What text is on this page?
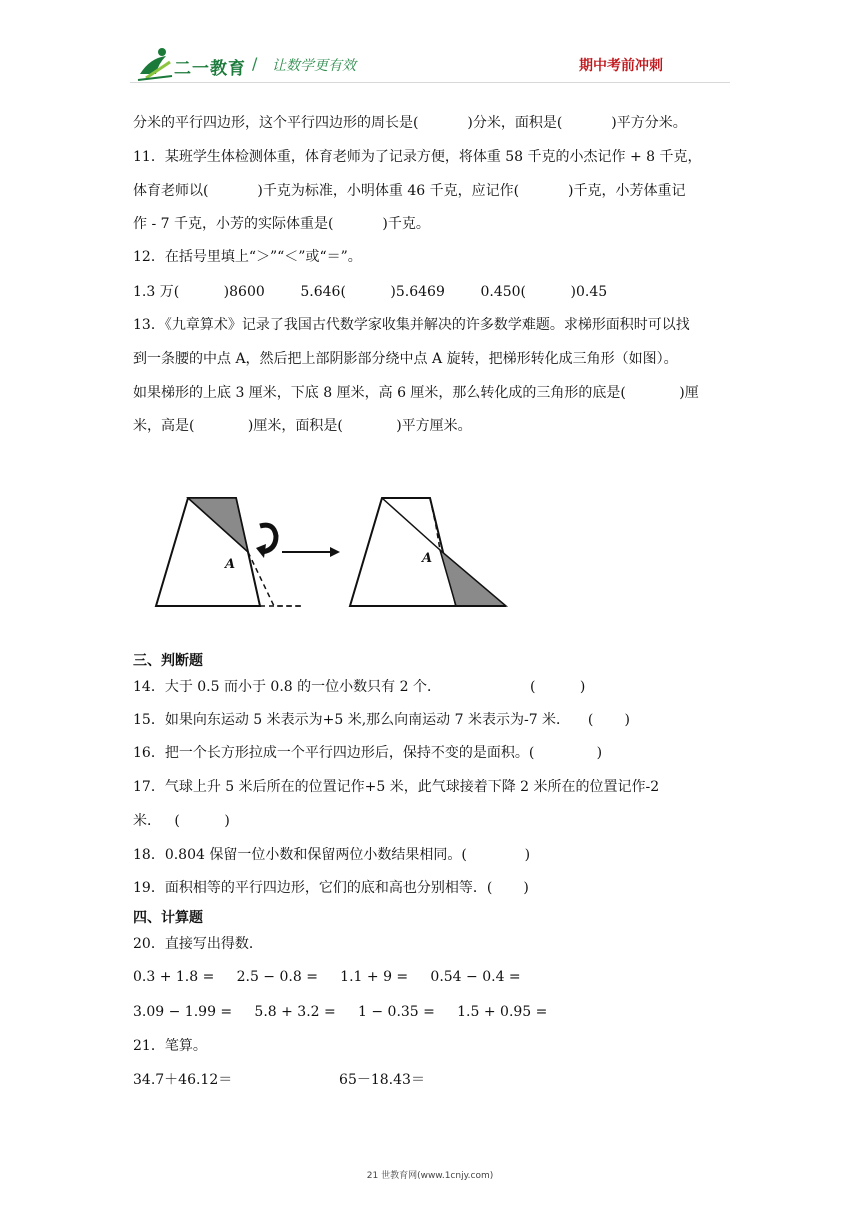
二一教育 / 让数学更有效	期中考前冲刺
分米的平行四边形，这个平行四边形的周长是(           )分米，面积是(           )平方分米。
11．某班学生体检测体重，体育老师为了记录方便，将体重 58 千克的小杰记作 + 8 千克，
体育老师以(           )千克为标准，小明体重 46 千克，应记作(           )千克，小芳体重记
作 - 7 千克，小芳的实际体重是(           )千克。
12．在括号里填上“＞”“＜”或“＝”。
1.3 万(          )8600        5.646(          )5.6469        0.450(          )0.45
13．《九章算术》记录了我国古代数学家收集并解决的许多数学难题。求梯形面积时可以找
到一条腰的中点 A，然后把上部阴影部分绕中点 A 旋转，把梯形转化成三角形（如图）。
如果梯形的上底 3 厘米，下底 8 厘米，高 6 厘米，那么转化成的三角形的底是(            )厘
米，高是(            )厘米，面积是(            )平方厘米。
A	A
三、判断题
14．大于 0.5 而小于 0.8 的一位小数只有 2 个．                    (          )
15．如果向东运动 5 米表示为+5 米,那么向南运动 7 米表示为-7 米．    (       )
16．把一个长方形拉成一个平行四边形后，保持不变的是面积。(              )
17．气球上升 5 米后所在的位置记作+5 米，此气球接着下降 2 米所在的位置记作-2
米．   (          )
18．0.804 保留一位小数和保留两位小数结果相同。(             )
19．面积相等的平行四边形，它们的底和高也分别相等．(       )
四、计算题
20．直接写出得数．
0.3 + 1.8 =     2.5 − 0.8 =     1.1 + 9 =     0.54 − 0.4 =
3.09 − 1.99 =     5.8 + 3.2 =     1 − 0.35 =     1.5 + 0.95 =
21．笔算。
34.7＋46.12＝                        65－18.43＝
21 世教育网(www.1cnjy.com)
